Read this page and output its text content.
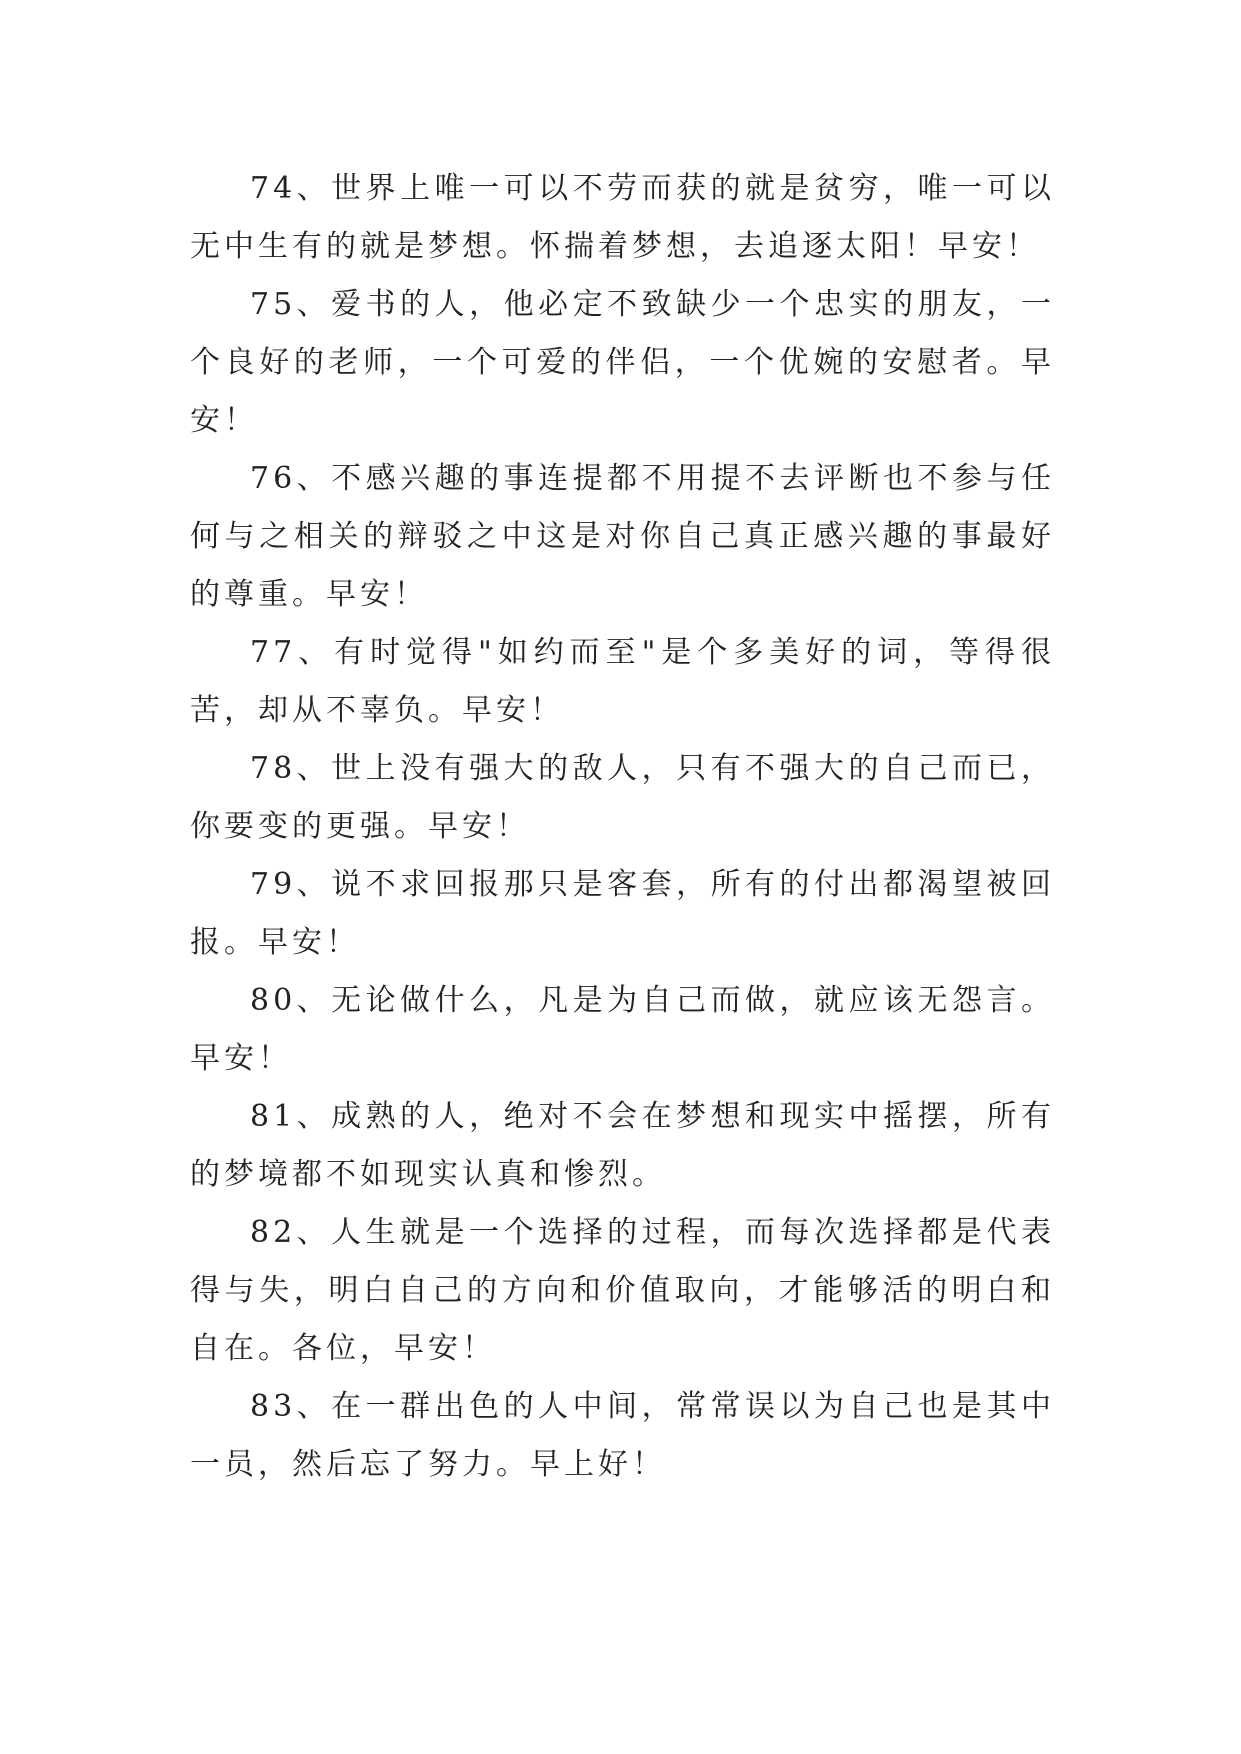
74、世界上唯一可以不劳而获的就是贫穷，唯一可以无中生有的就是梦想。怀揣着梦想，去追逐太阳！早安！

75、爱书的人，他必定不致缺少一个忠实的朋友，一个良好的老师，一个可爱的伴侣，一个优婉的安慰者。早安！

76、不感兴趣的事连提都不用提不去评断也不参与任何与之相关的辩驳之中这是对你自己真正感兴趣的事最好的尊重。早安！

77、有时觉得"如约而至"是个多美好的词，等得很苦，却从不辜负。早安！

78、世上没有强大的敌人，只有不强大的自己而已，你要变的更强。早安！

79、说不求回报那只是客套，所有的付出都渴望被回报。早安！

80、无论做什么，凡是为自己而做，就应该无怨言。早安！

81、成熟的人，绝对不会在梦想和现实中摇摆，所有的梦境都不如现实认真和惨烈。

82、人生就是一个选择的过程，而每次选择都是代表得与失，明白自己的方向和价值取向，才能够活的明白和自在。各位，早安！

83、在一群出色的人中间，常常误以为自己也是其中一员，然后忘了努力。早上好！
